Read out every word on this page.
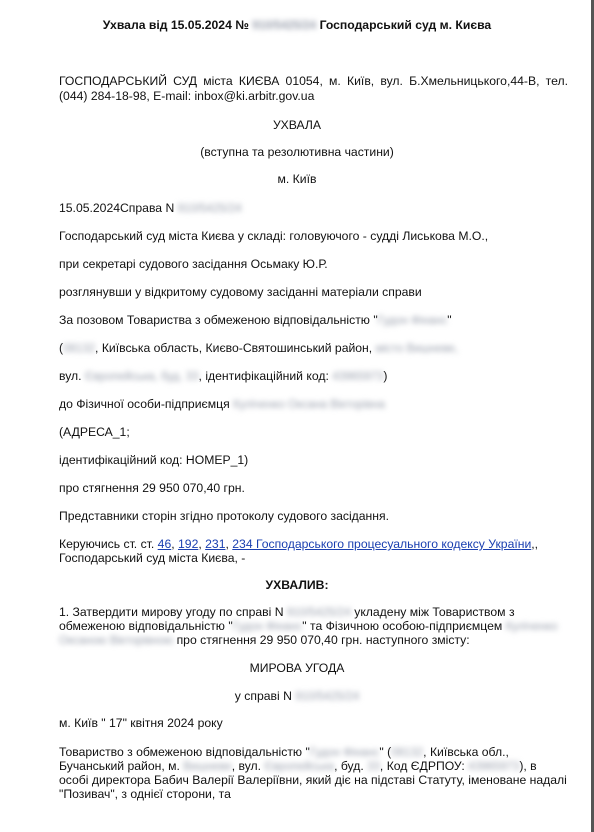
Ухвала від 15.05.2024 № 910/5425/24 Господарський суд м. Києва
ГОСПОДАРСЬКИЙ СУД міста КИЄВА 01054, м. Київ, вул. Б.Хмельницького,44-В, тел. (044) 284-18-98, E-mail: inbox@ki.arbitr.gov.ua
УХВАЛА
(вступна та резолютивна частини)
м. Київ
15.05.2024Справа N 910/5425/24
Господарський суд міста Києва у складі: головуючого - судді Лиськова М.О.,
при секретарі судового засідання Осьмаку Ю.Р.
розглянувши у відкритому судовому засіданні матеріали справи
За позовом Товариства з обмеженою відповідальністю "Гудон Фінанс"
(08132, Київська область, Києво-Святошинський район, місто Вишневе,
вул. Європейська, буд. 33, ідентифікаційний код: 43965973)
до Фізичної особи-підприємця Кулiченко Оксана Вікторівна
(АДРЕСА_1;
ідентифікаційний код: НОМЕР_1)
про стягнення 29 950 070,40 грн.
Представники сторін згідно протоколу судового засідання.
Керуючись ст. ст. 46, 192, 231, 234 Господарського процесуального кодексу України,,
Господарський суд міста Києва, -
УХВАЛИВ:
1. Затвердити мирову угоду по справі N 910/5425/24 укладену між Товариством з
обмеженою відповідальністю "Гудон Фінанс" та Фізичною особою-підприємцем Кулiченко
Оксаною Вікторівною про стягнення 29 950 070,40 грн. наступного змісту:
МИРОВА УГОДА
у справі N 910/5425/24
м. Київ " 17" квітня 2024 року
Товариство з обмеженою відповідальністю "Гудон Фінанс" (08132, Київська обл.,
Бучанський район, м. Вишневе, вул. Європейська, буд. 33, Код ЄДРПОУ: 43965973), в
особі директора Бабич Валерії Валеріївни, який діє на підставі Статуту, іменоване надалі
"Позивач", з однієї сторони, та
